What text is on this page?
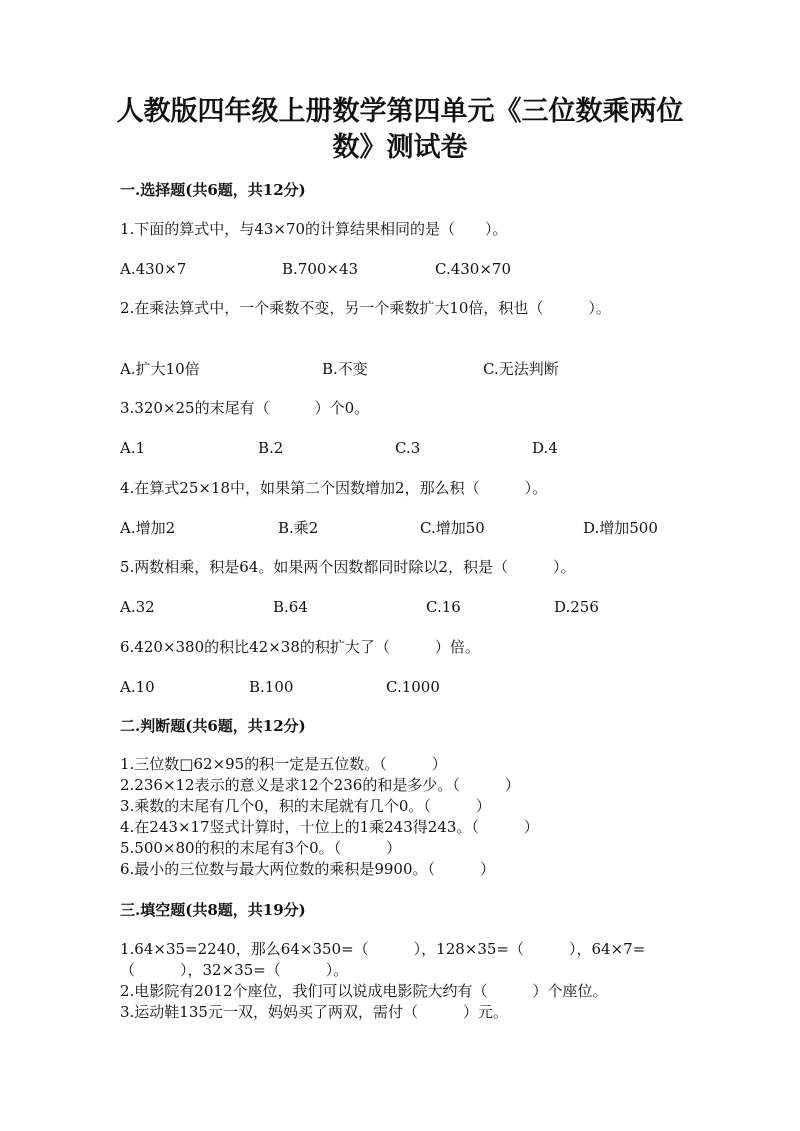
人教版四年级上册数学第四单元《三位数乘两位
数》测试卷
一.选择题(共6题，共12分)
1.下面的算式中，与43×70的计算结果相同的是（　　）。
A.430×7	B.700×43	C.430×70
2.在乘法算式中，一个乘数不变，另一个乘数扩大10倍，积也（　　　）。
A.扩大10倍	B.不变	C.无法判断
3.320×25的末尾有（　　　）个0。
A.1	B.2	C.3	D.4
4.在算式25×18中，如果第二个因数增加2，那么积（　　　）。
A.增加2	B.乘2	C.增加50	D.增加500
5.两数相乘，积是64。如果两个因数都同时除以2，积是（　　　）。
A.32	B.64	C.16	D.256
6.420×380的积比42×38的积扩大了（　　　）倍。
A.10	B.100	C.1000
二.判断题(共6题，共12分)
1.三位数□62×95的积一定是五位数。（　　　）
2.236×12表示的意义是求12个236的和是多少。（　　　）
3.乘数的末尾有几个0，积的末尾就有几个0。（　　　）
4.在243×17竖式计算时，十位上的1乘243得243。（　　　）
5.500×80的积的末尾有3个0。（　　　）
6.最小的三位数与最大两位数的乘积是9900。（　　　）
三.填空题(共8题，共19分)
1.64×35=2240，那么64×350=（　　　），128×35=（　　　），64×7=
（　　　），32×35=（　　　）。
2.电影院有2012个座位，我们可以说成电影院大约有（　　　）个座位。
3.运动鞋135元一双，妈妈买了两双，需付（　　　）元。
